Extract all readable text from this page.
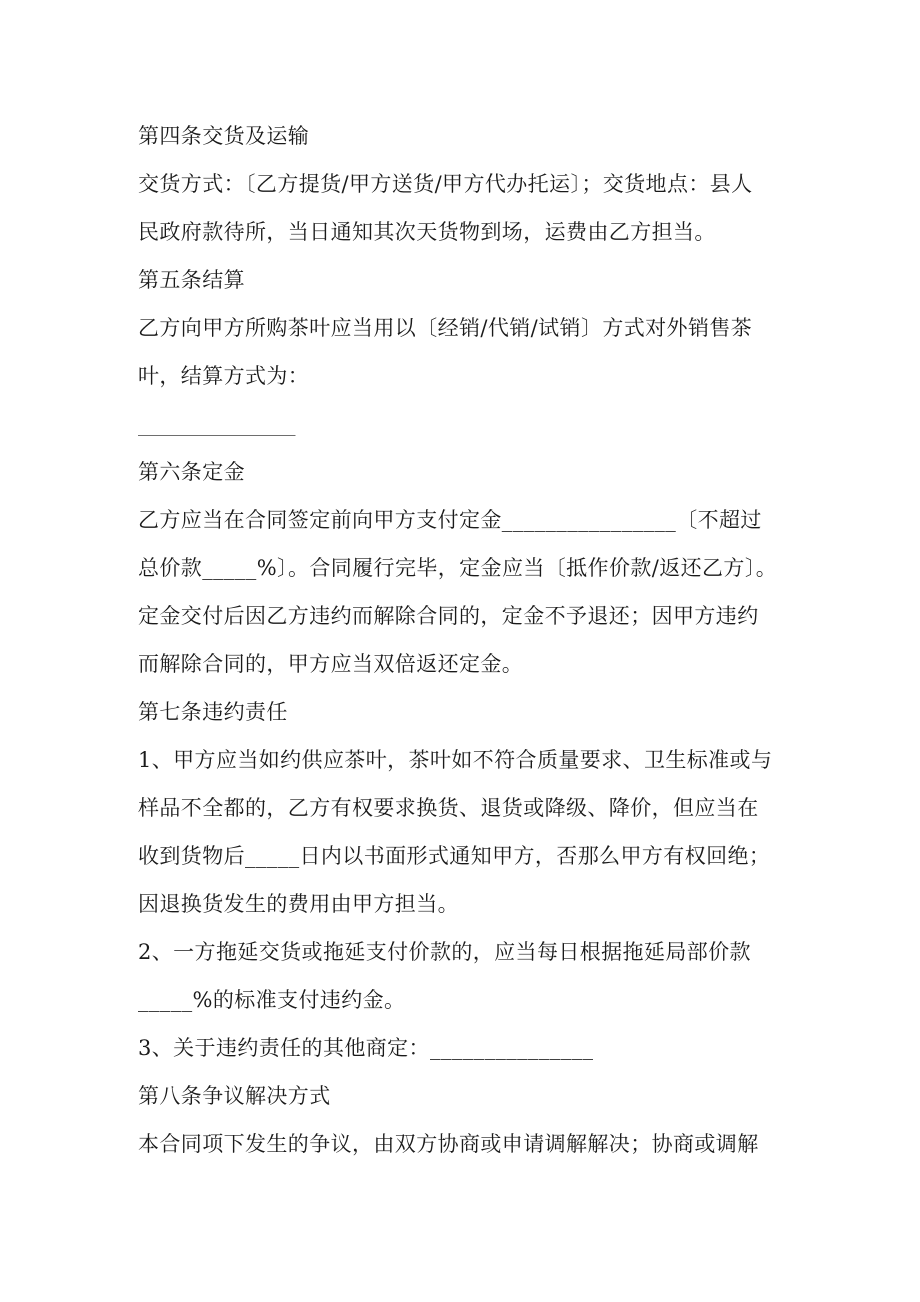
第四条交货及运输
交货方式：〔乙方提货/甲方送货/甲方代办托运〕；交货地点：县人
民政府款待所，当日通知其次天货物到场，运费由乙方担当。
第五条结算
乙方向甲方所购茶叶应当用以〔经销/代销/试销〕方式对外销售茶
叶，结算方式为：
_______________
第六条定金
乙方应当在合同签定前向甲方支付定金________________〔不超过
总价款_____%〕。合同履行完毕，定金应当〔抵作价款/返还乙方〕。
定金交付后因乙方违约而解除合同的，定金不予退还；因甲方违约
而解除合同的，甲方应当双倍返还定金。
第七条违约责任
1、甲方应当如约供应茶叶，茶叶如不符合质量要求、卫生标准或与
样品不全都的，乙方有权要求换货、退货或降级、降价，但应当在
收到货物后_____日内以书面形式通知甲方，否那么甲方有权回绝；
因退换货发生的费用由甲方担当。
2、一方拖延交货或拖延支付价款的，应当每日根据拖延局部价款
_____%的标准支付违约金。
3、关于违约责任的其他商定：_______________
第八条争议解决方式
本合同项下发生的争议，由双方协商或申请调解解决；协商或调解
